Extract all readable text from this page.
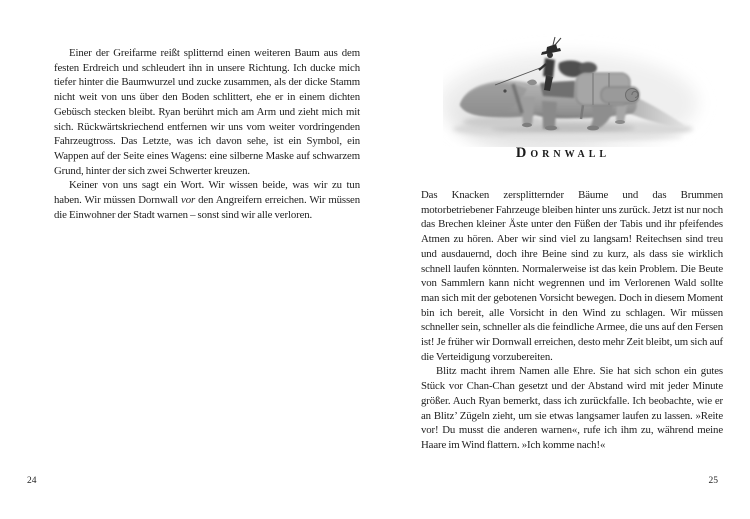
Einer der Greifarme reißt splitternd einen weiteren Baum aus dem festen Erdreich und schleudert ihn in unsere Richtung. Ich ducke mich tiefer hinter die Baumwurzel und zucke zusammen, als der dicke Stamm nicht weit von uns über den Boden schlittert, ehe er in einem dichten Gebüsch stecken bleibt. Ryan berührt mich am Arm und zieht mich mit sich. Rückwärtskriechend entfernen wir uns vom weiter vordringenden Fahrzeugtross. Das Letzte, was ich davon sehe, ist ein Symbol, ein Wappen auf der Seite eines Wagens: eine silberne Maske auf schwarzem Grund, hinter der sich zwei Schwerter kreuzen.

Keiner von uns sagt ein Wort. Wir wissen beide, was wir zu tun haben. Wir müssen Dornwall vor den Angreifern erreichen. Wir müssen die Einwohner der Stadt warnen – sonst sind wir alle verloren.

24
Dornwall

Das Knacken zersplitternder Bäume und das Brummen motorbetriebener Fahrzeuge bleiben hinter uns zurück. Jetzt ist nur noch das Brechen kleiner Äste unter den Füßen der Tabis und ihr pfeifendes Atmen zu hören. Aber wir sind viel zu langsam! Reitechsen sind treu und ausdauernd, doch ihre Beine sind zu kurz, als dass sie wirklich schnell laufen könnten. Normalerweise ist das kein Problem. Die Beute von Sammlern kann nicht wegrennen und im Verlorenen Wald sollte man sich mit der gebotenen Vorsicht bewegen. Doch in diesem Moment bin ich bereit, alle Vorsicht in den Wind zu schlagen. Wir müssen schneller sein, schneller als die feindliche Armee, die uns auf den Fersen ist! Je früher wir Dornwall erreichen, desto mehr Zeit bleibt, um sich auf die Verteidigung vorzubereiten.

Blitz macht ihrem Namen alle Ehre. Sie hat sich schon ein gutes Stück vor Chan-Chan gesetzt und der Abstand wird mit jeder Minute größer. Auch Ryan bemerkt, dass ich zurückfalle. Ich beobachte, wie er an Blitz’ Zügeln zieht, um sie etwas langsamer laufen zu lassen. »Reite vor! Du musst die anderen warnen«, rufe ich ihm zu, während meine Haare im Wind flattern. »Ich komme nach!«

25
